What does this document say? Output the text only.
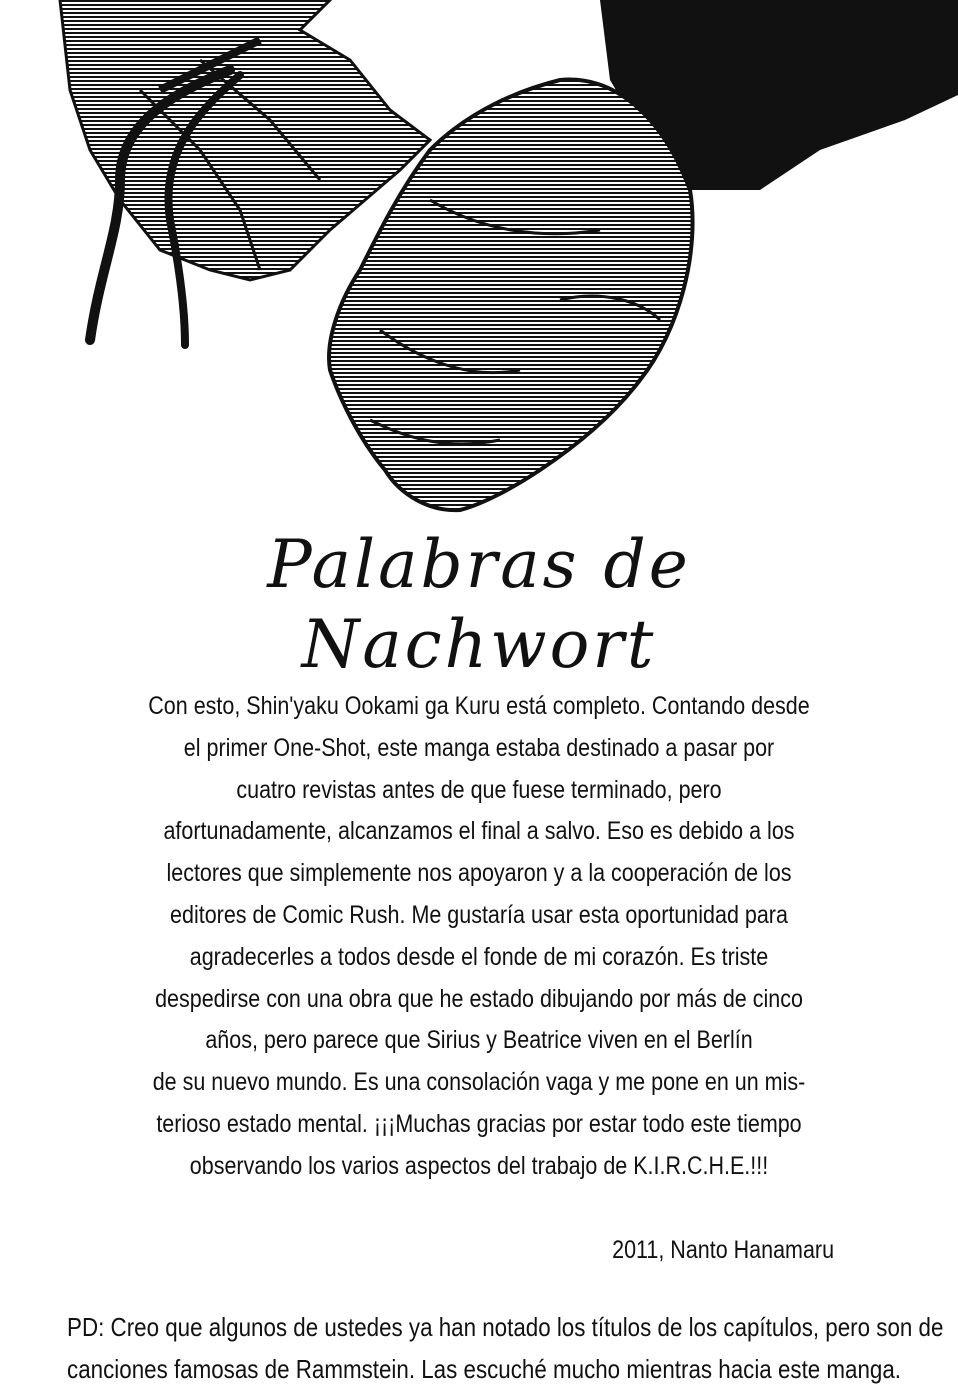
Palabras de
Nachwort
Con esto, Shin'yaku Ookami ga Kuru está completo. Contando desde
el primer One-Shot, este manga estaba destinado a pasar por
cuatro revistas antes de que fuese terminado, pero
afortunadamente, alcanzamos el final a salvo. Eso es debido a los
lectores que simplemente nos apoyaron y a la cooperación de los
editores de Comic Rush. Me gustaría usar esta oportunidad para
agradecerles a todos desde el fonde de mi corazón. Es triste
despedirse con una obra que he estado dibujando por más de cinco
años, pero parece que Sirius y Beatrice viven en el Berlín
de su nuevo mundo. Es una consolación vaga y me pone en un mis-
terioso estado mental. ¡¡¡Muchas gracias por estar todo este tiempo
observando los varios aspectos del trabajo de K.I.R.C.H.E.!!!
2011, Nanto Hanamaru
PD: Creo que algunos de ustedes ya han notado los títulos de los capítulos, pero son de
canciones famosas de Rammstein. Las escuché mucho mientras hacia este manga.
